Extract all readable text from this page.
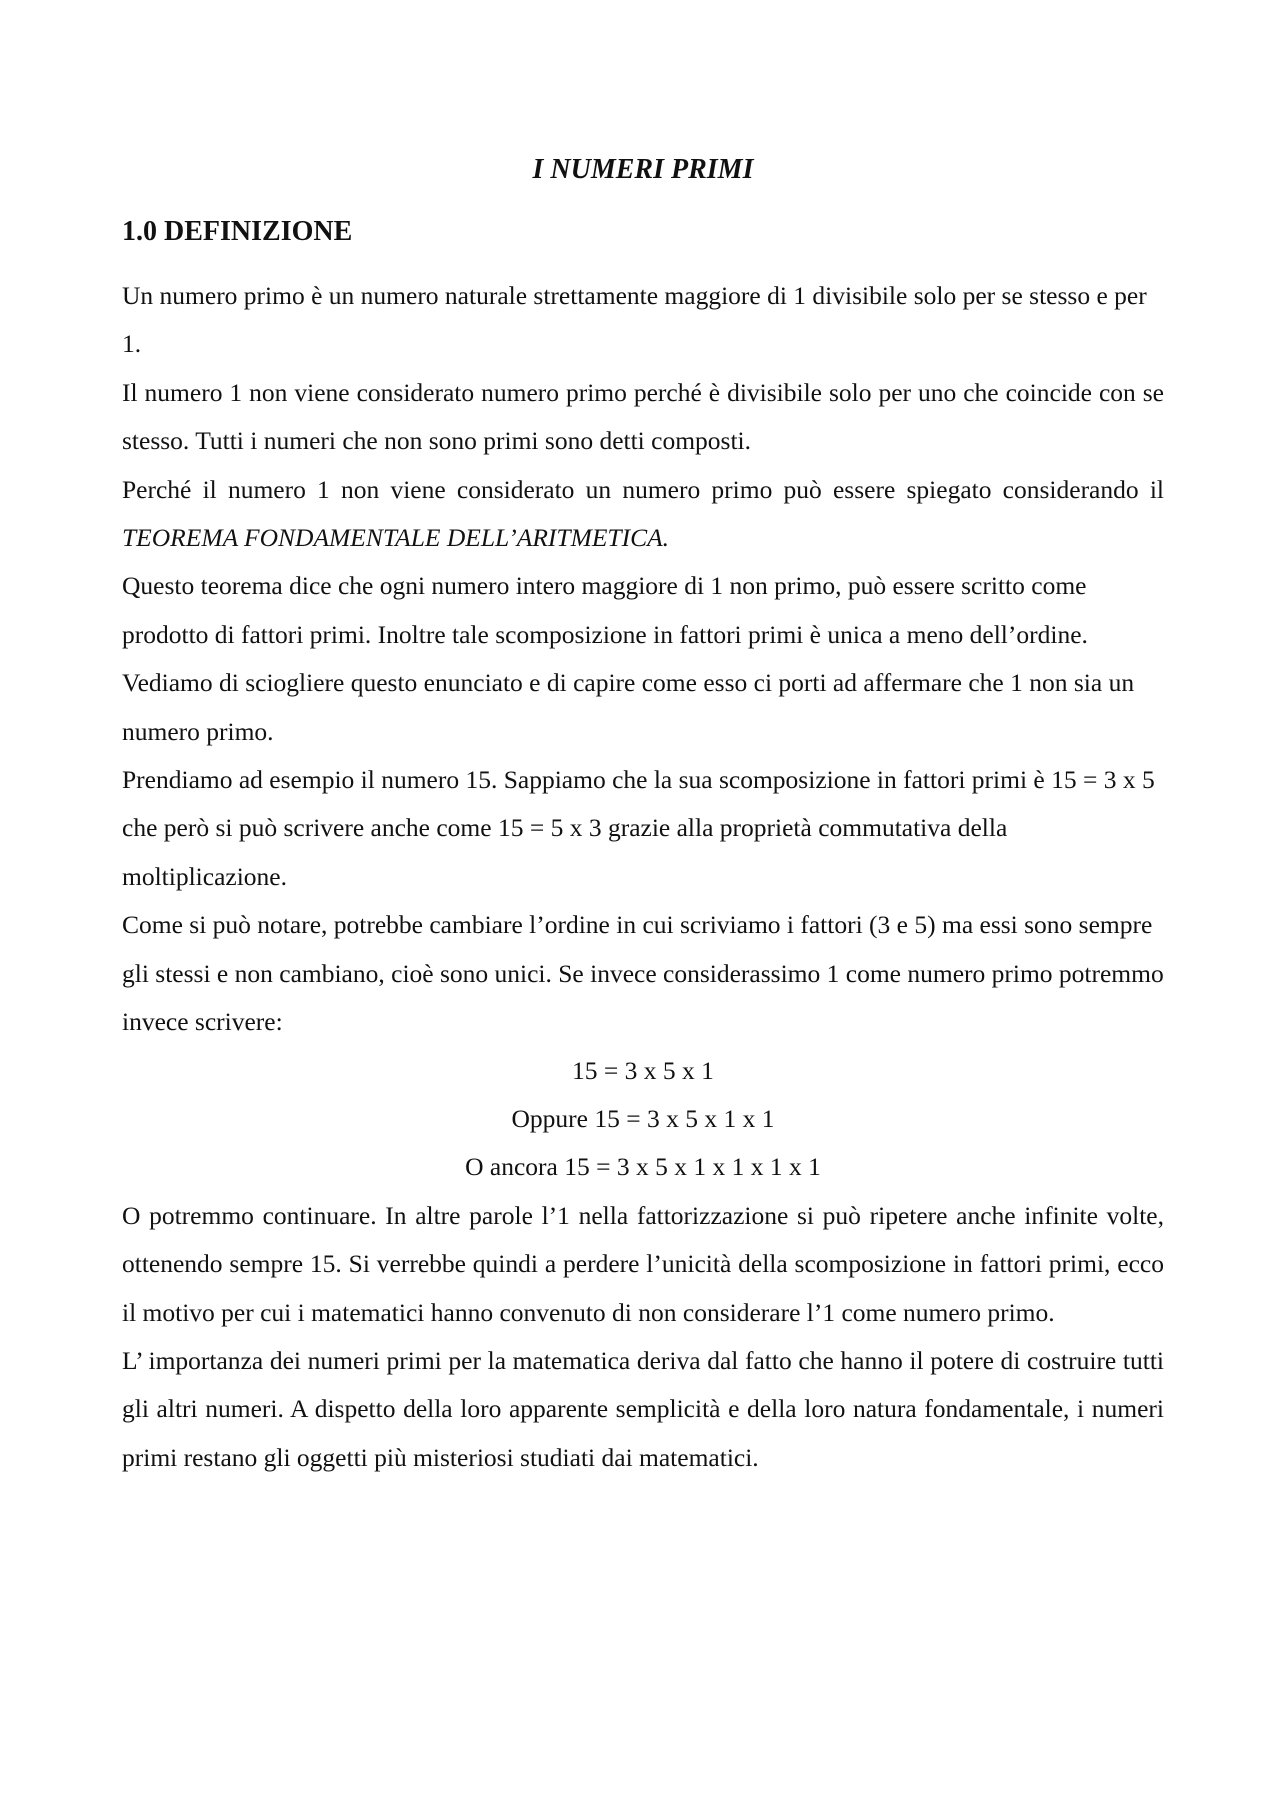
I NUMERI PRIMI
1.0 DEFINIZIONE

Un numero primo è un numero naturale strettamente maggiore di 1 divisibile solo per se stesso e per 1.

Il numero 1 non viene considerato numero primo perché è divisibile solo per uno che coincide con se stesso. Tutti i numeri che non sono primi sono detti composti.

Perché il numero 1 non viene considerato un numero primo può essere spiegato considerando il TEOREMA FONDAMENTALE DELL’ARITMETICA.

Questo teorema dice che ogni numero intero maggiore di 1 non primo, può essere scritto come prodotto di fattori primi. Inoltre tale scomposizione in fattori primi è unica a meno dell’ordine.

Vediamo di sciogliere questo enunciato e di capire come esso ci porti ad affermare che 1 non sia un numero primo.

Prendiamo ad esempio il numero 15. Sappiamo che la sua scomposizione in fattori primi è 15 = 3 x 5 che però si può scrivere anche come 15 = 5 x 3 grazie alla proprietà commutativa della moltiplicazione.

Come si può notare, potrebbe cambiare l’ordine in cui scriviamo i fattori (3 e 5) ma essi sono sempre gli stessi e non cambiano, cioè sono unici. Se invece considerassimo 1 come numero primo potremmo invece scrivere:

15 = 3 x 5 x 1

Oppure 15 = 3 x 5 x 1 x 1

O ancora 15 = 3 x 5 x 1 x 1 x 1 x 1

O potremmo continuare. In altre parole l’1 nella fattorizzazione si può ripetere anche infinite volte, ottenendo sempre 15. Si verrebbe quindi a perdere l’unicità della scomposizione in fattori primi, ecco il motivo per cui i matematici hanno convenuto di non considerare l’1 come numero primo.

L’ importanza dei numeri primi per la matematica deriva dal fatto che hanno il potere di costruire tutti gli altri numeri. A dispetto della loro apparente semplicità e della loro natura fondamentale, i numeri primi restano gli oggetti più misteriosi studiati dai matematici.
